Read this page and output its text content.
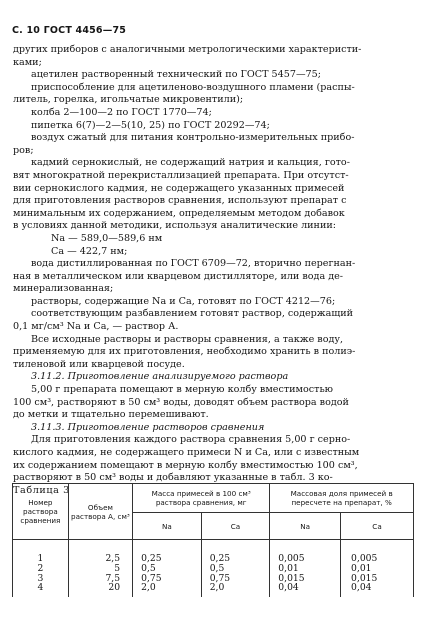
С. 10 ГОСТ 4456—75

других приборов с аналогичными метрологическими характеристи-

ками;

ацетилен растворенный технический по ГОСТ 5457—75;

приспособление для ацетиленово-воздушного пламени (распы-

литель, горелка, игольчатые микровентили);

колба 2—100—2 по ГОСТ 1770—74;

пипетка 6(7)—2—5(10, 25) по ГОСТ 20292—74;

воздух сжатый для питания контрольно-измерительных прибо-

ров;

кадмий сернокислый, не содержащий натрия и кальция, гото-

вят многократной перекристаллизацией препарата. При отсутст-

вии сернокислого кадмия, не содержащего указанных примесей

для приготовления растворов сравнения, используют препарат с

минимальным их содержанием, определяемым методом добавок

в условиях данной методики, используя аналитические линии:

Na — 589,0—589,6 нм

Ca — 422,7 нм;

вода дистиллированная по ГОСТ 6709—72, вторично перегнан-

ная в металлическом или кварцевом дистилляторе, или вода де-

минерализованная;

растворы, содержащие Na и Ca, готовят по ГОСТ 4212—76;

соответствующим разбавлением готовят раствор, содержащий

0,1 мг/см³ Na и Ca, — раствор А.

Все исходные растворы и растворы сравнения, а также воду,

применяемую для их приготовления, необходимо хранить в полиэ-

тиленовой или кварцевой посуде.

3.11.2. Приготовление анализируемого раствора

5,00 г препарата помещают в мерную колбу вместимостью

100 см³, растворяют в 50 см³ воды, доводят объем раствора водой

до метки и тщательно перемешивают.

3.11.3. Приготовление растворов сравнения

Для приготовления каждого раствора сравнения 5,00 г серно-

кислого кадмия, не содержащего примеси N и Ca, или с известным

их содержанием помещают в мерную колбу вместимостью 100 см³,

растворяют в 50 см³ воды и добавляют указанные в табл. 3 ко-

Таблица 3

Номер раствора сравнения	Объем раствора А, см³	Масса примесей в 100 см³ раствора сравнения, мг		Массовая доля примесей в пересчете на препарат, %	
		Na	Ca	Na	Ca
1	2,5	0,25	0,25	0,005	0,005
2	5	0,5	0,5	0,01	0,01
3	7,5	0,75	0,75	0,015	0,015
4	20	2,0	2,0	0,04	0,04
